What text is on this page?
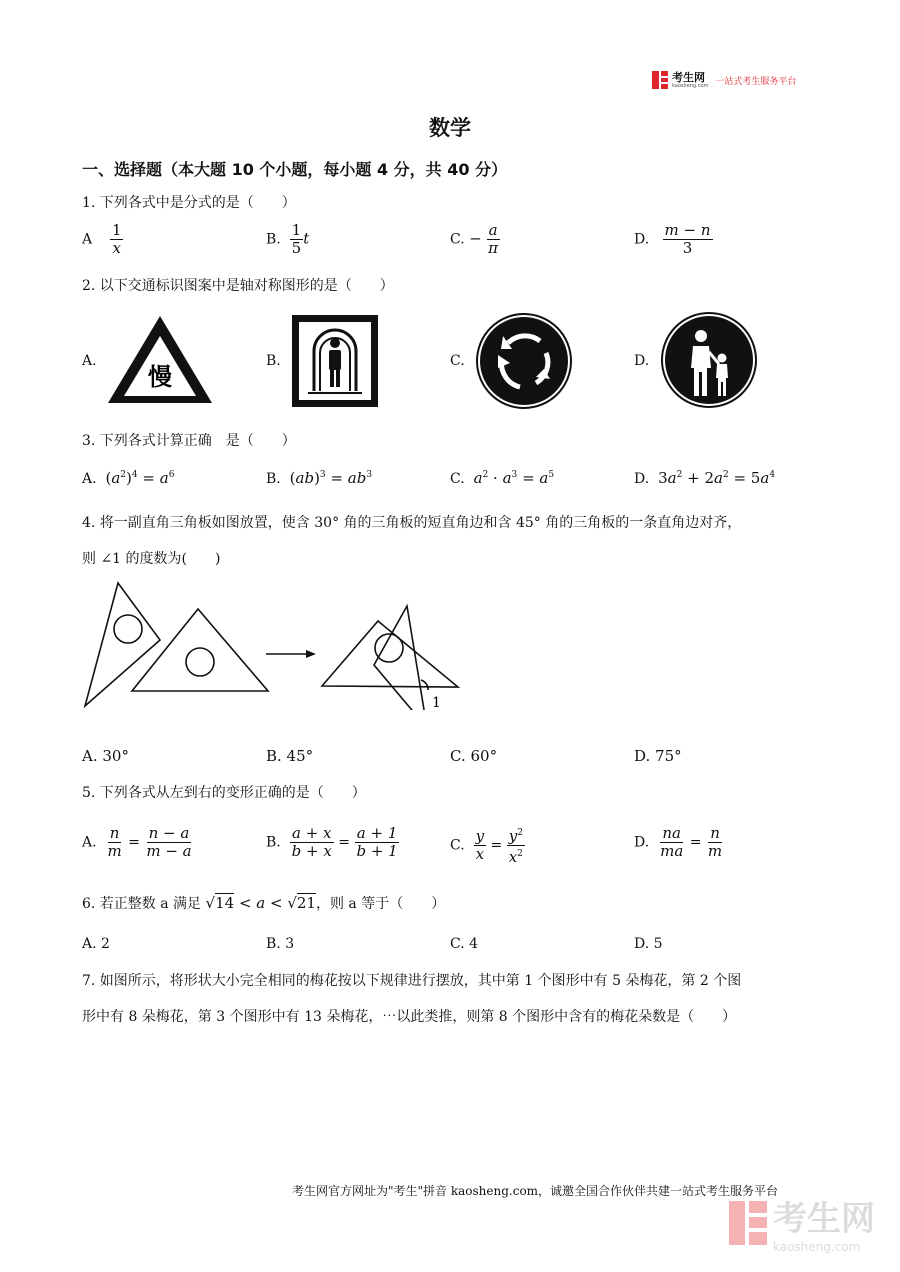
考生网
kaosheng.com 一站式考生服务平台
数学
一、选择题（本大题 10 个小题，每小题 4 分，共 40 分）
1. 下列各式中是分式的是（　　）
A $\frac{1}{x}$	B. $\frac{1}{5}$ t	C. − $\frac{a}{\pi}$	D. $\frac{m - n}{3}$
2. 以下交通标识图案中是轴对称图形的是（　　）
A.	B.	C.	D.
慢
3. 下列各式计算正确　是（　　）
A. $(a^2)^4 = a^6$	B. $(ab)^3 = ab^3$	C. $a^2 \cdot a^3 = a^5$	D. $3a^2 + 2a^2 = 5a^4$
4. 将一副直角三角板如图放置，使含 30° 角的三角板的短直角边和含 45° 角的三角板的一条直角边对齐，
则 ∠1 的度数为(　　)
1
A. 30°	B. 45°	C. 60°	D. 75°
5. 下列各式从左到右的变形正确的是（　　）
A. $\frac{n}{m} = \frac{n - a}{m - a}$	B. $\frac{a + x}{b + x} = \frac{a + 1}{b + 1}$	C. $\frac{y}{x} = \frac{y^2}{x^2}$	D. $\frac{na}{ma} = \frac{n}{m}$
6. 若正整数 a 满足 √14 < a < √21，则 a 等于（　　）
A. 2	B. 3	C. 4	D. 5
7. 如图所示，将形状大小完全相同的梅花按以下规律进行摆放，其中第 1 个图形中有 5 朵梅花，第 2 个图
形中有 8 朵梅花，第 3 个图形中有 13 朵梅花，⋯以此类推，则第 8 个图形中含有的梅花朵数是（　　）
考生网官方网址为"考生"拼音 kaosheng.com，诚邀全国合作伙伴共建一站式考生服务平台
考生网
kaosheng.com
